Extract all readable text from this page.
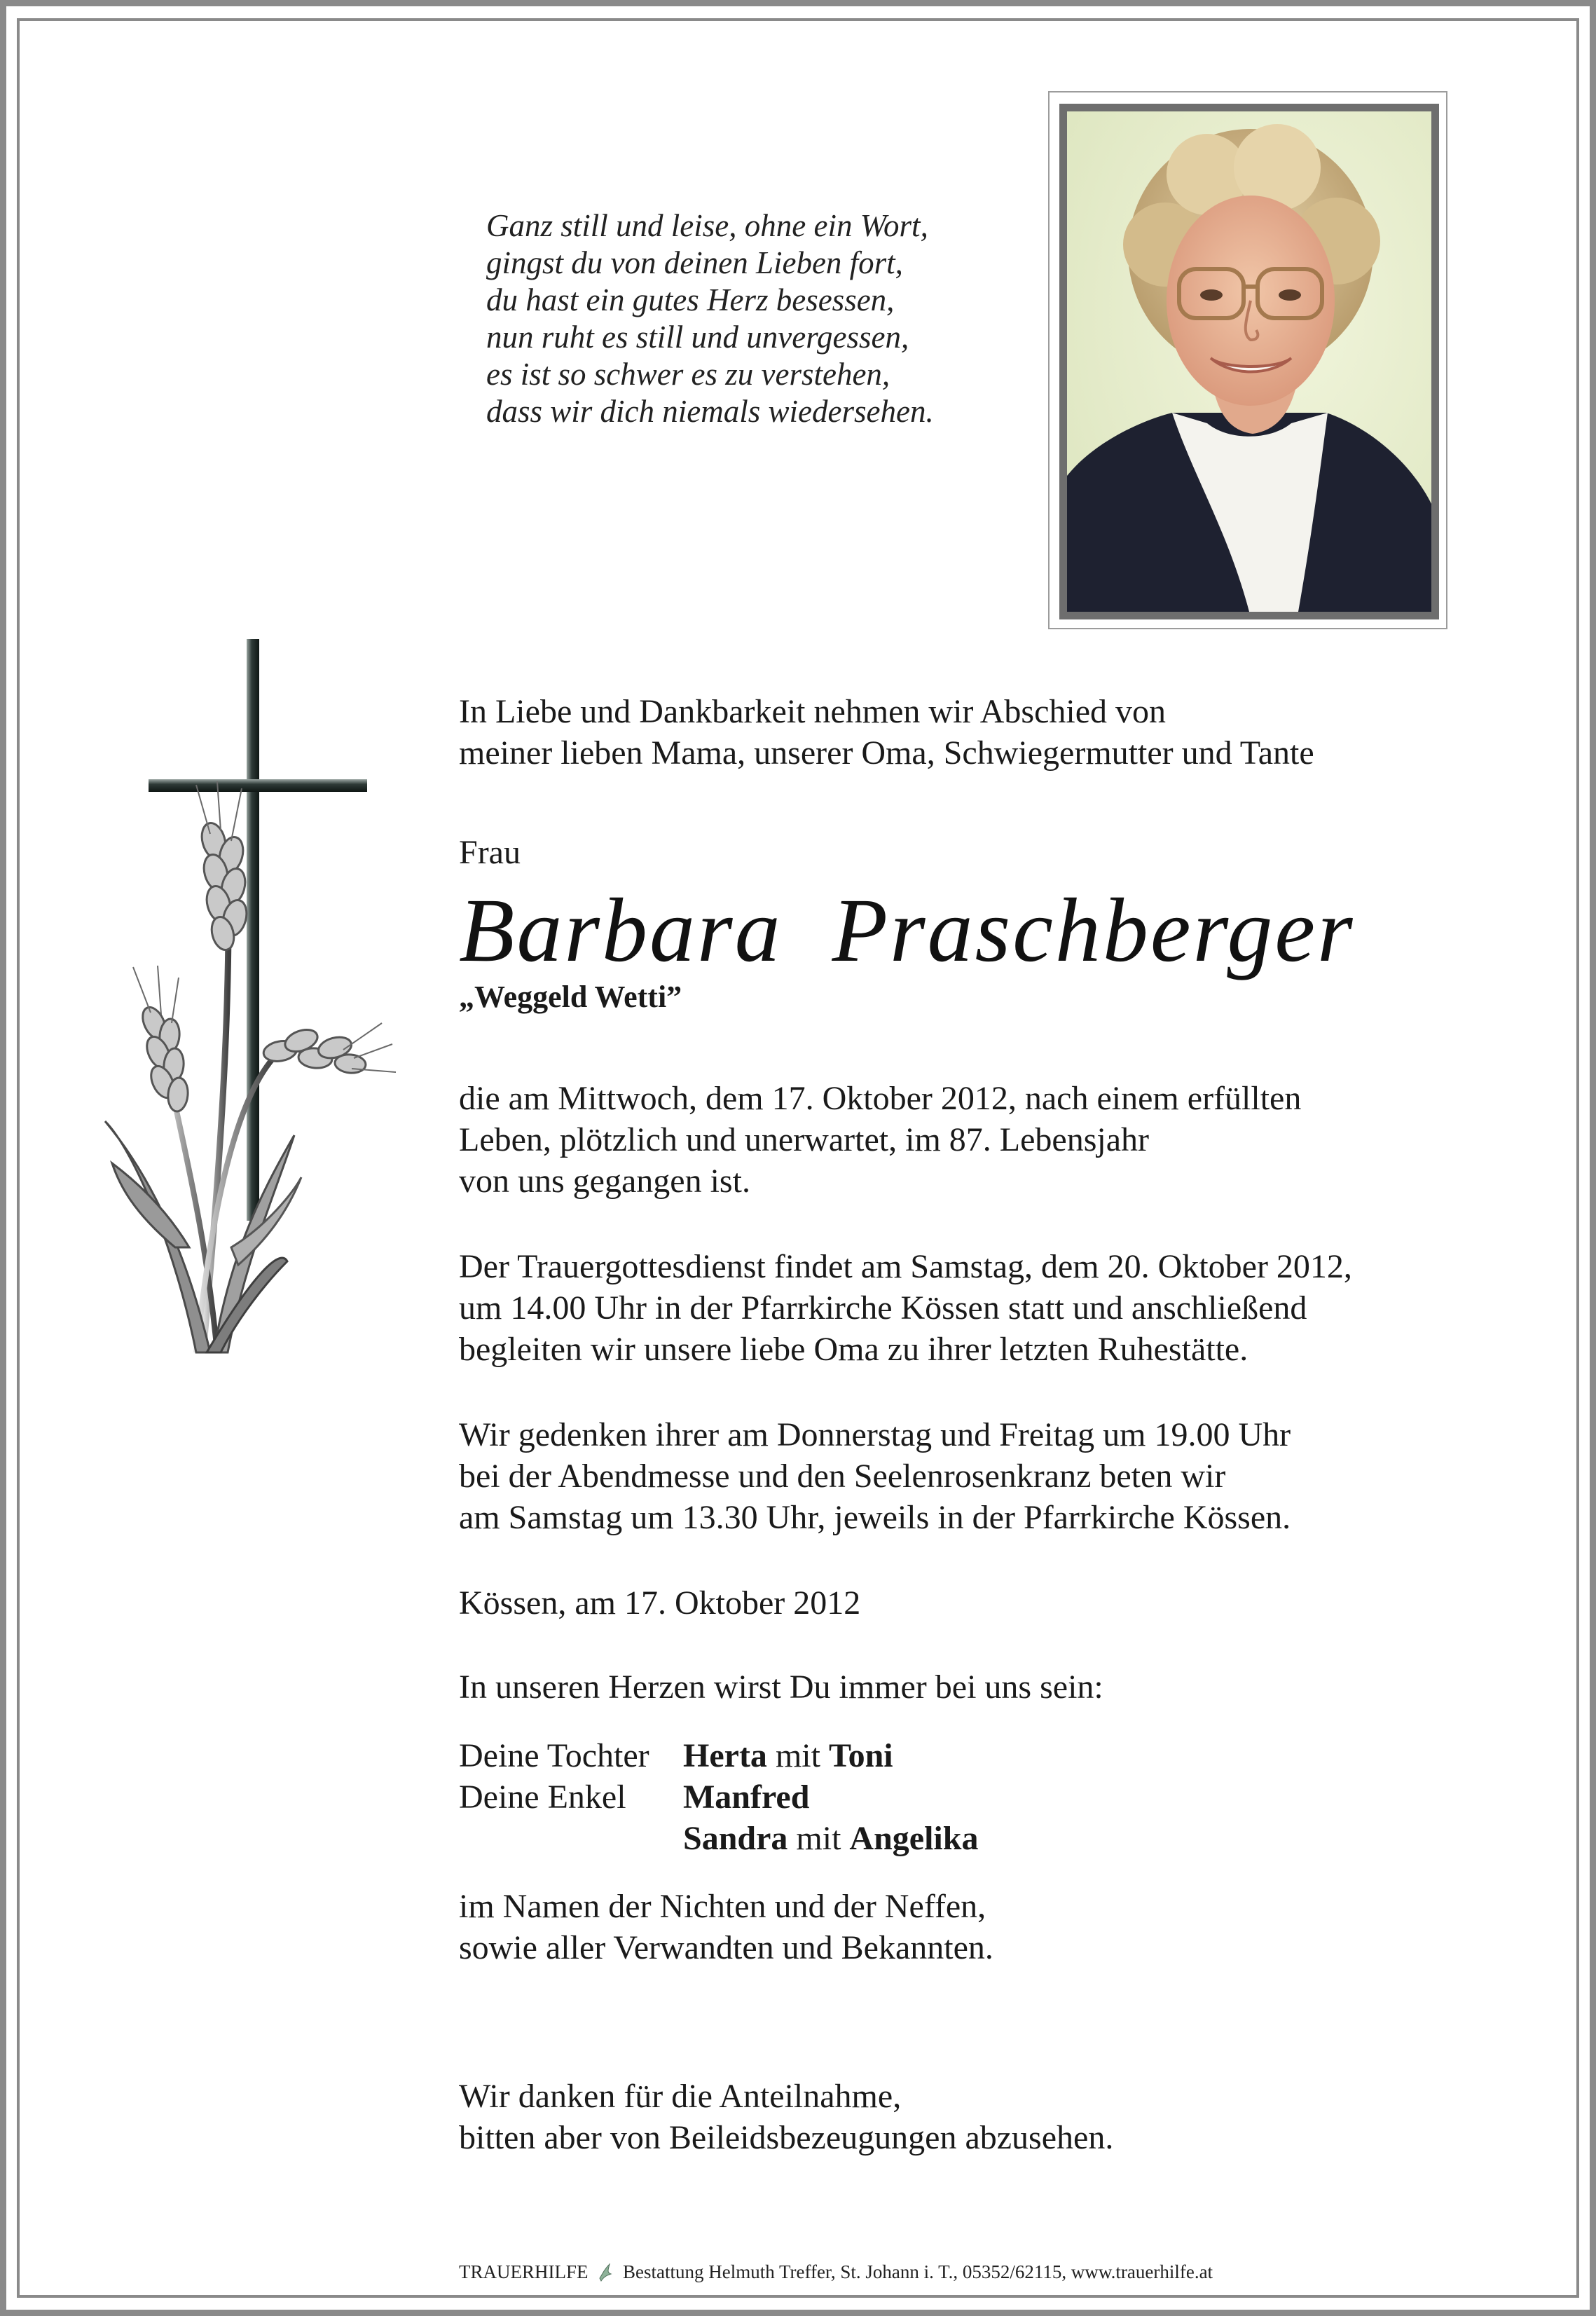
Ganz still und leise, ohne ein Wort,
gingst du von deinen Lieben fort,
du hast ein gutes Herz besessen,
nun ruht es still und unvergessen,
es ist so schwer es zu verstehen,
dass wir dich niemals wiedersehen.
In Liebe und Dankbarkeit nehmen wir Abschied von
meiner lieben Mama, unserer Oma, Schwiegermutter und Tante
Frau
Barbara Praschberger
„Weggeld Wetti”
die am Mittwoch, dem 17. Oktober 2012, nach einem erfüllten
Leben, plötzlich und unerwartet, im 87. Lebensjahr
von uns gegangen ist.
Der Trauergottesdienst findet am Samstag, dem 20. Oktober 2012,
um 14.00 Uhr in der Pfarrkirche Kössen statt und anschließend
begleiten wir unsere liebe Oma zu ihrer letzten Ruhestätte.
Wir gedenken ihrer am Donnerstag und Freitag um 19.00 Uhr
bei der Abendmesse und den Seelenrosenkranz beten wir
am Samstag um 13.30 Uhr, jeweils in der Pfarrkirche Kössen.
Kössen, am 17. Oktober 2012
In unseren Herzen wirst Du immer bei uns sein:
Deine Tochter Herta mit Toni
Deine Enkel Manfred
Sandra mit Angelika
im Namen der Nichten und der Neffen,
sowie aller Verwandten und Bekannten.
Wir danken für die Anteilnahme,
bitten aber von Beileidsbezeugungen abzusehen.
TRAUERHILFE Bestattung Helmuth Treffer, St. Johann i. T., 05352/62115, www.trauerhilfe.at
